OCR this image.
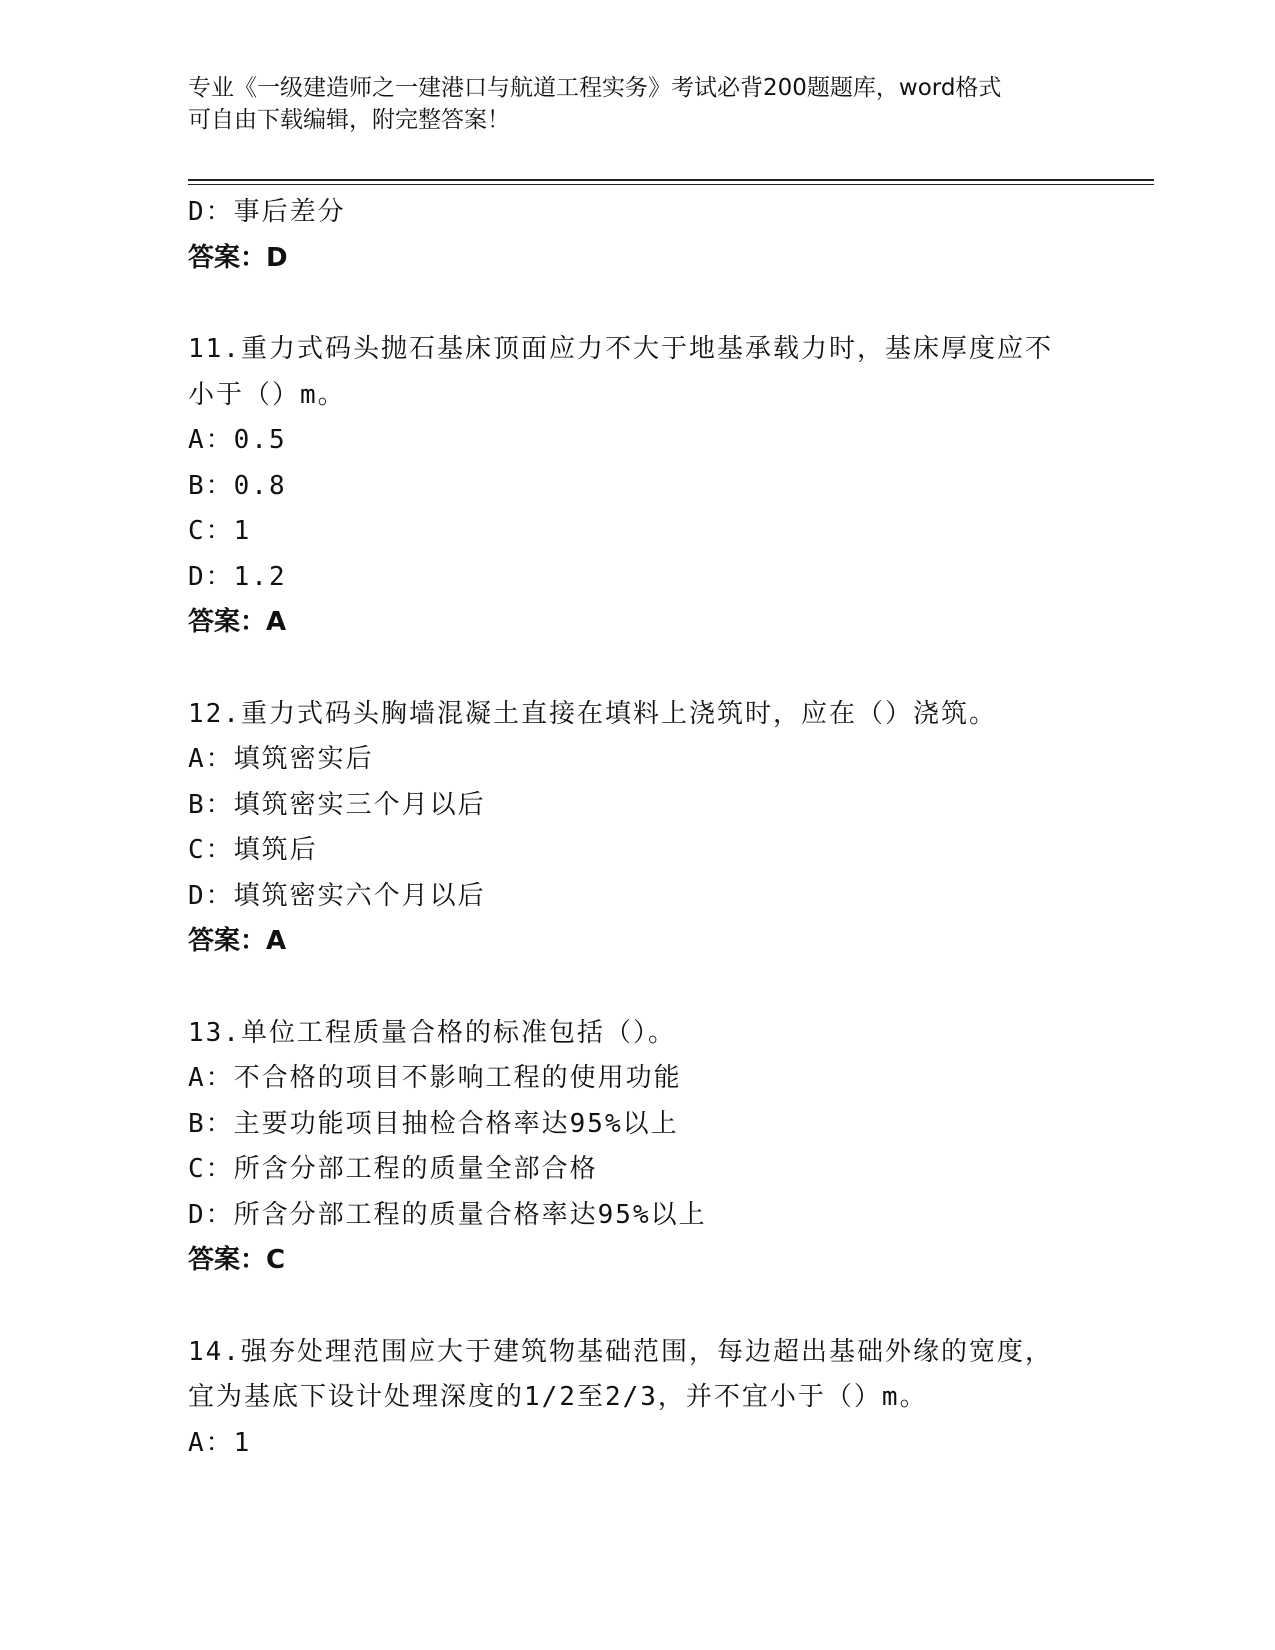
专业《一级建造师之一建港口与航道工程实务》考试必背200题题库，word格式
可自由下载编辑，附完整答案！
D：事后差分
答案：D
11.重力式码头抛石基床顶面应力不大于地基承载力时，基床厚度应不
小于（）m。
A：0.5
B：0.8
C：1
D：1.2
答案：A
12.重力式码头胸墙混凝土直接在填料上浇筑时，应在（）浇筑。
A：填筑密实后
B：填筑密实三个月以后
C：填筑后
D：填筑密实六个月以后
答案：A
13.单位工程质量合格的标准包括（）。
A：不合格的项目不影响工程的使用功能
B：主要功能项目抽检合格率达95%以上
C：所含分部工程的质量全部合格
D：所含分部工程的质量合格率达95%以上
答案：C
14.强夯处理范围应大于建筑物基础范围，每边超出基础外缘的宽度，
宜为基底下设计处理深度的1/2至2/3，并不宜小于（）m。
A：1
